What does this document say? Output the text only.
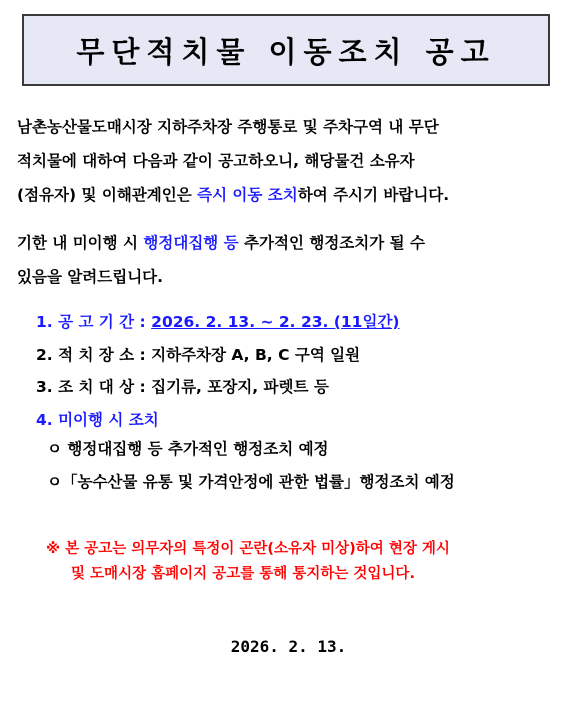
무단적치물 이동조치 공고
남촌농산물도매시장 지하주차장 주행통로 및 주차구역 내 무단
적치물에 대하여 다음과 같이 공고하오니, 해당물건 소유자
(점유자) 및 이해관계인은 즉시 이동 조치 하여 주시기 바랍니다.
기한 내 미이행 시 행정대집행 등 추가적인 행정조치가 될 수
있음을 알려드립니다.
1. 공 고 기 간 : 2026. 2. 13. ~ 2. 23. (11일간)
2. 적 치 장 소 : 지하주차장 A, B, C 구역 일원
3. 조 치 대 상 : 집기류, 포장지, 파렛트 등
4. 미이행 시 조치
ㅇ 행정대집행 등 추가적인 행정조치 예정
ㅇ「농수산물 유통 및 가격안정에 관한 법률」행정조치 예정
※ 본 공고는 의무자의 특정이 곤란(소유자 미상)하여 현장 게시
및 도매시장 홈페이지 공고를 통해 통지하는 것입니다.
2026. 2. 13.
